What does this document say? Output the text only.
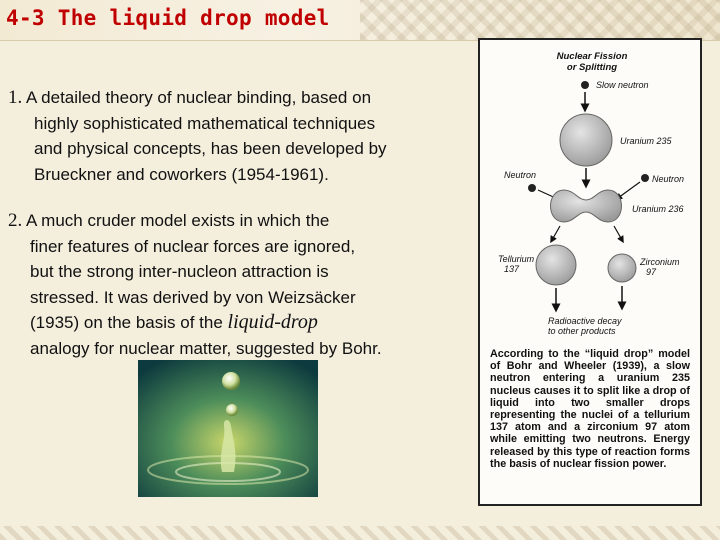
4-3 The liquid drop model
1. A detailed theory of nuclear binding, based on
highly sophisticated mathematical techniques
and physical concepts, has been developed by
Brueckner and coworkers (1954-1961).
2. A much cruder model exists in which the
finer features of nuclear forces are ignored,
but the strong inter-nucleon attraction is
stressed. It was derived by von Weizsäcker
(1935) on the basis of the liquid-drop
analogy for nuclear matter, suggested by Bohr.
Nuclear Fission
or Splitting
Slow neutron
Uranium 235
Neutron	Neutron
Uranium 236
Tellurium
137
Zirconium
97
Radioactive decay
to other products
According to the “liquid drop” model of Bohr and Wheeler (1939), a slow neutron entering a uranium 235 nucleus causes it to split like a drop of liquid into two smaller drops representing the nuclei of a tellurium 137 atom and a zirconium 97 atom while emitting two neutrons. Energy released by this type of reaction forms the basis of nuclear fission power.
